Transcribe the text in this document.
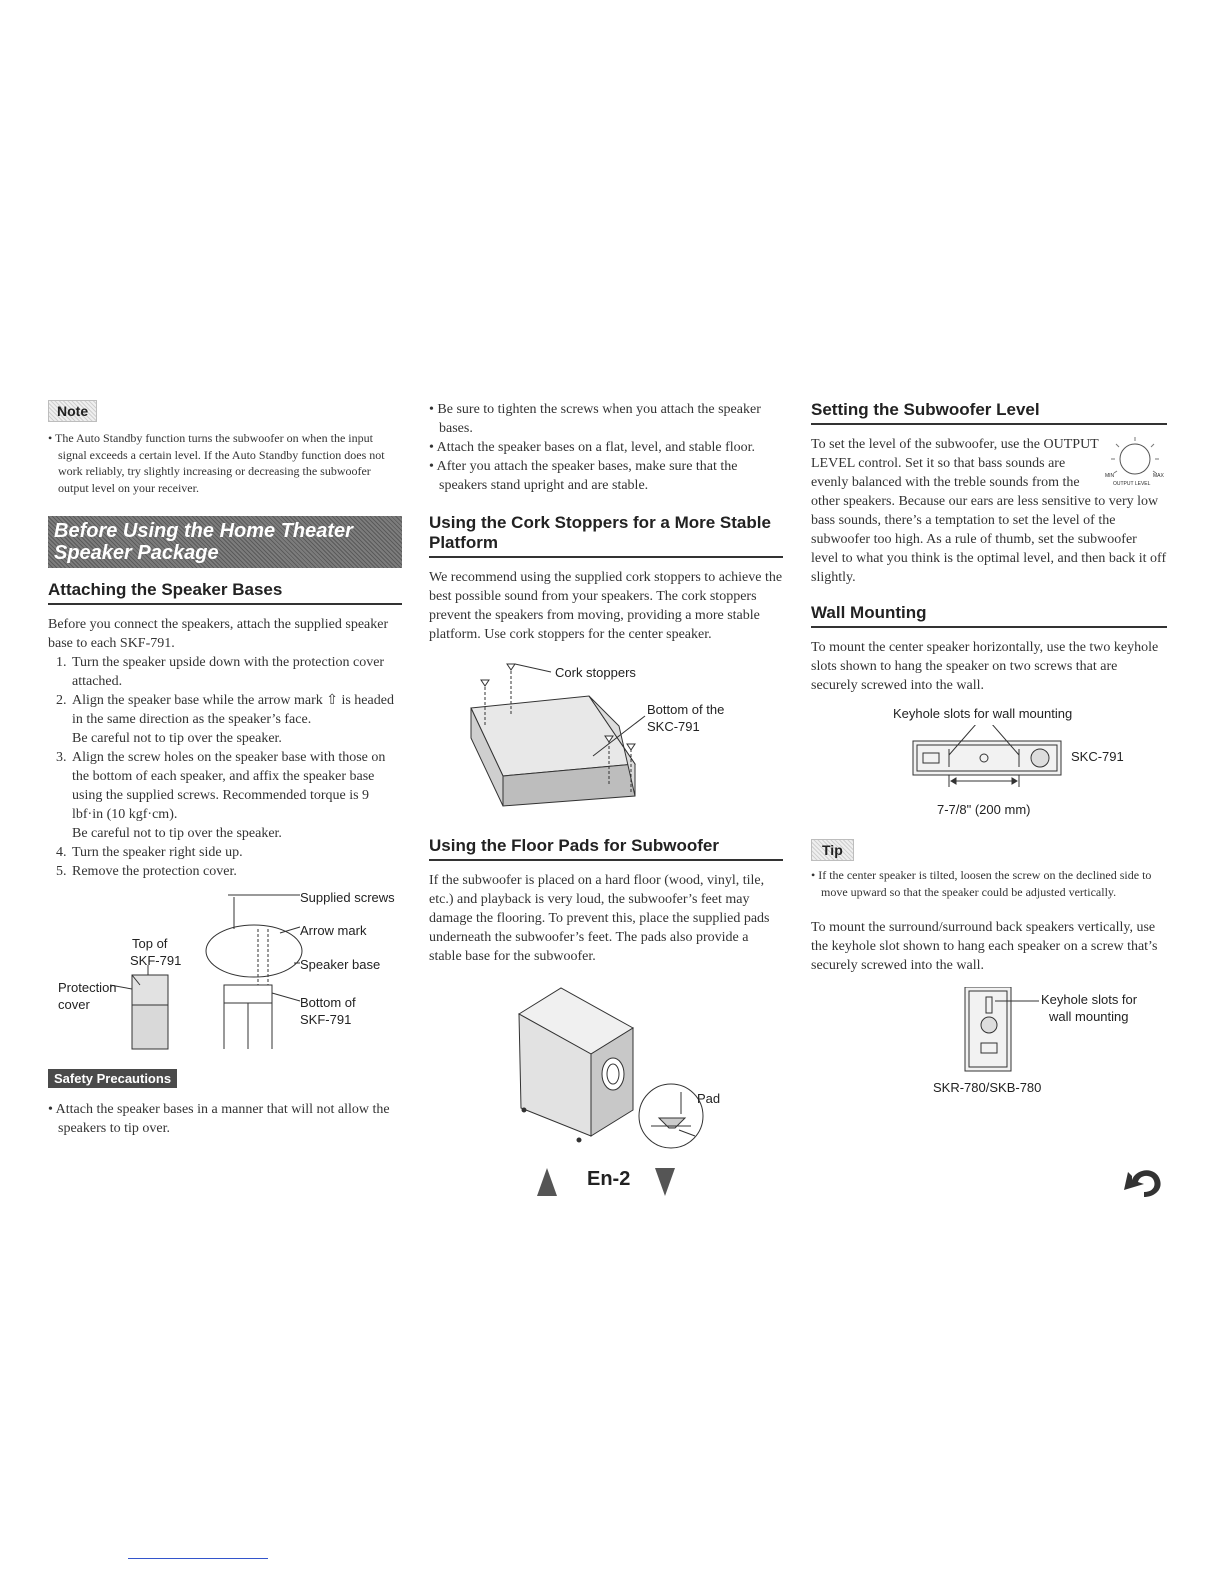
Note

• The Auto Standby function turns the subwoofer on when the input signal exceeds a certain level. If the Auto Standby function does not work reliably, try slightly increasing or decreasing the subwoofer output level on your receiver.

Before Using the Home Theater
Speaker Package
Attaching the Speaker Bases

Before you connect the speakers, attach the supplied speaker base to each SKF-791.

1. Turn the speaker upside down with the protection cover attached.
2. Align the speaker base while the arrow mark ⇧ is headed in the same direction as the speaker’s face.
Be careful not to tip over the speaker.
3. Align the screw holes on the speaker base with those on the bottom of each speaker, and affix the speaker base using the supplied screws. Recommended torque is 9 lbf·in (10 kgf·cm).
Be careful not to tip over the speaker.
4. Turn the speaker right side up.
5. Remove the protection cover.
Supplied screws
Arrow mark
Top of
SKF-791	Speaker base
Protection
cover	Bottom of
SKF-791
Safety Precautions

• Attach the speaker bases in a manner that will not allow the speakers to tip over.

• Be sure to tighten the screws when you attach the speaker bases.

• Attach the speaker bases on a flat, level, and stable floor.

• After you attach the speaker bases, make sure that the speakers stand upright and are stable.

Using the Cork Stoppers for a More Stable Platform

We recommend using the supplied cork stoppers to achieve the best possible sound from your speakers. The cork stoppers prevent the speakers from moving, providing a more stable platform. Use cork stoppers for the center speaker.

Cork stoppers
Bottom of the
SKC-791
Using the Floor Pads for Subwoofer

If the subwoofer is placed on a hard floor (wood, vinyl, tile, etc.) and playback is very loud, the subwoofer’s feet may damage the flooring. To prevent this, place the supplied pads underneath the subwoofer’s feet. The pads also provide a stable base for the subwoofer.

Pad
Setting the Subwoofer Level
MIN	MAX
OUTPUT LEVEL

To set the level of the subwoofer, use the OUTPUT LEVEL control. Set it so that bass sounds are evenly balanced with the treble sounds from the other speakers. Because our ears are less sensitive to very low bass sounds, there’s a temptation to set the level of the subwoofer too high. As a rule of thumb, set the subwoofer level to what you think is the optimal level, and then back it off slightly.

Wall Mounting

To mount the center speaker horizontally, use the two keyhole slots shown to hang the speaker on two screws that are securely screwed into the wall.

Keyhole slots for wall mounting
SKC-791
7-7/8" (200 mm)
Tip

• If the center speaker is tilted, loosen the screw on the declined side to move upward so that the speaker could be adjusted vertically.

To mount the surround/surround back speakers vertically, use the keyhole slot shown to hang each speaker on a screw that’s securely screwed into the wall.

Keyhole slots for
wall mounting
SKR-780/SKB-780
En-2
